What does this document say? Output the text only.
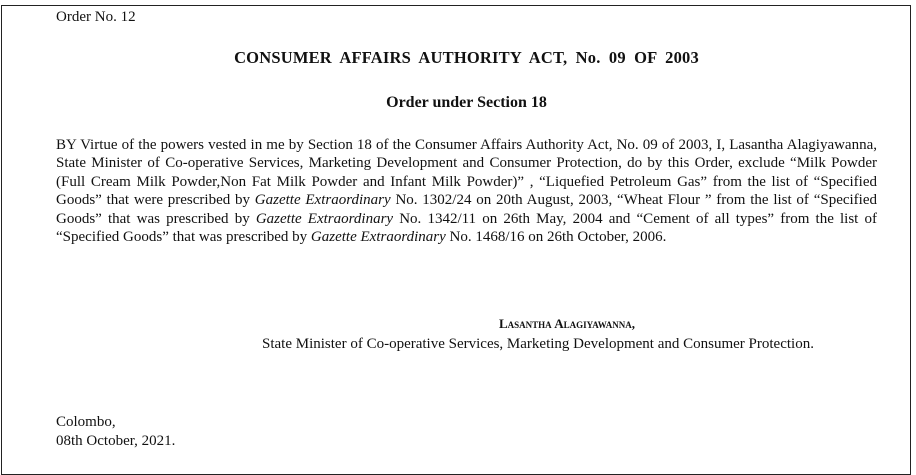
Order No. 12
CONSUMER AFFAIRS AUTHORITY ACT, No. 09 OF 2003
Order under Section 18
BY Virtue of the powers vested in me by Section 18 of the Consumer Affairs Authority Act, No. 09 of 2003, I, Lasantha Alagiyawanna, State Minister of Co-operative Services, Marketing Development and Consumer Protection, do by this Order, exclude “Milk Powder (Full Cream Milk Powder,Non Fat Milk Powder and Infant Milk Powder)” , “Liquefied Petroleum Gas” from the list of “Specified Goods” that were prescribed by Gazette Extraordinary No. 1302/24 on 20th August, 2003, “Wheat Flour ” from the list of “Specified Goods” that was prescribed by Gazette Extraordinary No. 1342/11 on 26th May, 2004 and “Cement of all types” from the list of “Specified Goods” that was prescribed by Gazette Extraordinary No. 1468/16 on 26th October, 2006.
Lasantha Alagiyawanna,
State Minister of Co-operative Services, Marketing Development and Consumer Protection.
Colombo,
08th October, 2021.
